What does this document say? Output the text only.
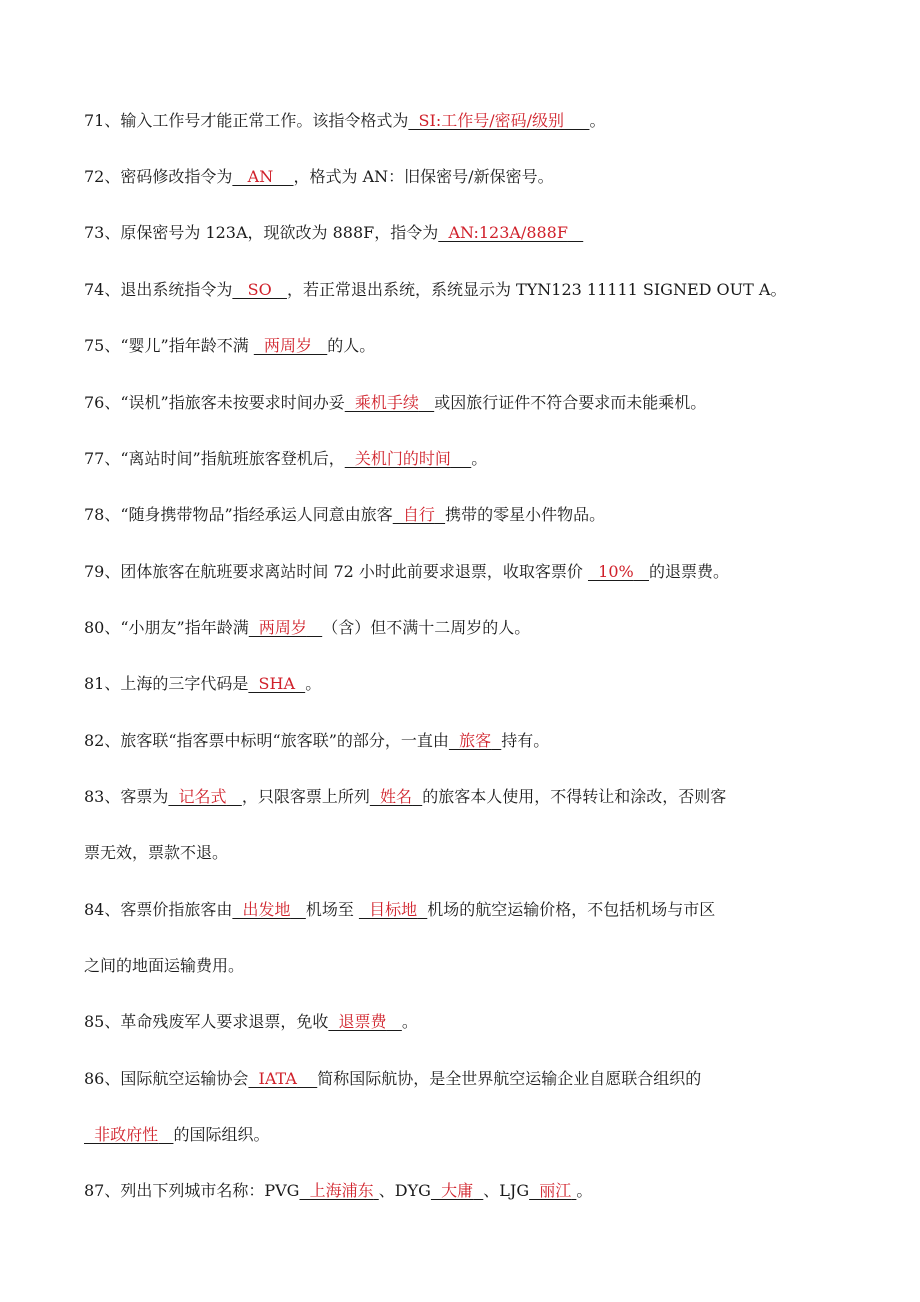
71、输入工作号才能正常工作。该指令格式为  SI:工作号/密码/级别 。
72、密码修改指令为   AN    ，格式为 AN：旧保密号/新保密号。
73、原保密号为 123A，现欲改为 888F，指令为  AN:123A/888F
74、退出系统指令为   SO   ，若正常退出系统，系统显示为 TYN123 11111 SIGNED OUT A。
75、“婴儿”指年龄不满   两周岁 的人。
76、“误机”指旅客未按要求时间办妥  乘机手续 或因旅行证件不符合要求而未能乘机。
77、“离站时间”指航班旅客登机后，  关机门的时间 。
78、“随身携带物品”指经承运人同意由旅客  自行 携带的零星小件物品。
79、团体旅客在航班要求离站时间 72 小时此前要求退票，收取客票价   10% 的退票费。
80、“小朋友”指年龄满  两周岁 （含）但不满十二周岁的人。
81、上海的三字代码是  SHA 。
82、旅客联“指客票中标明“旅客联”的部分，一直由  旅客 持有。
83、客票为  记名式 ，只限客票上所列  姓名 的旅客本人使用，不得转让和涂改，否则客
票无效，票款不退。
84、客票价指旅客由  出发地 机场至   目标地 机场的航空运输价格，不包括机场与市区
之间的地面运输费用。
85、革命残废军人要求退票，免收  退票费 。
86、国际航空运输协会  IATA 简称国际航协，是全世界航空运输企业自愿联合组织的
非政府性 的国际组织。
87、列出下列城市名称：PVG  上海浦东 、DYG  大庸 、LJG  丽江 。
